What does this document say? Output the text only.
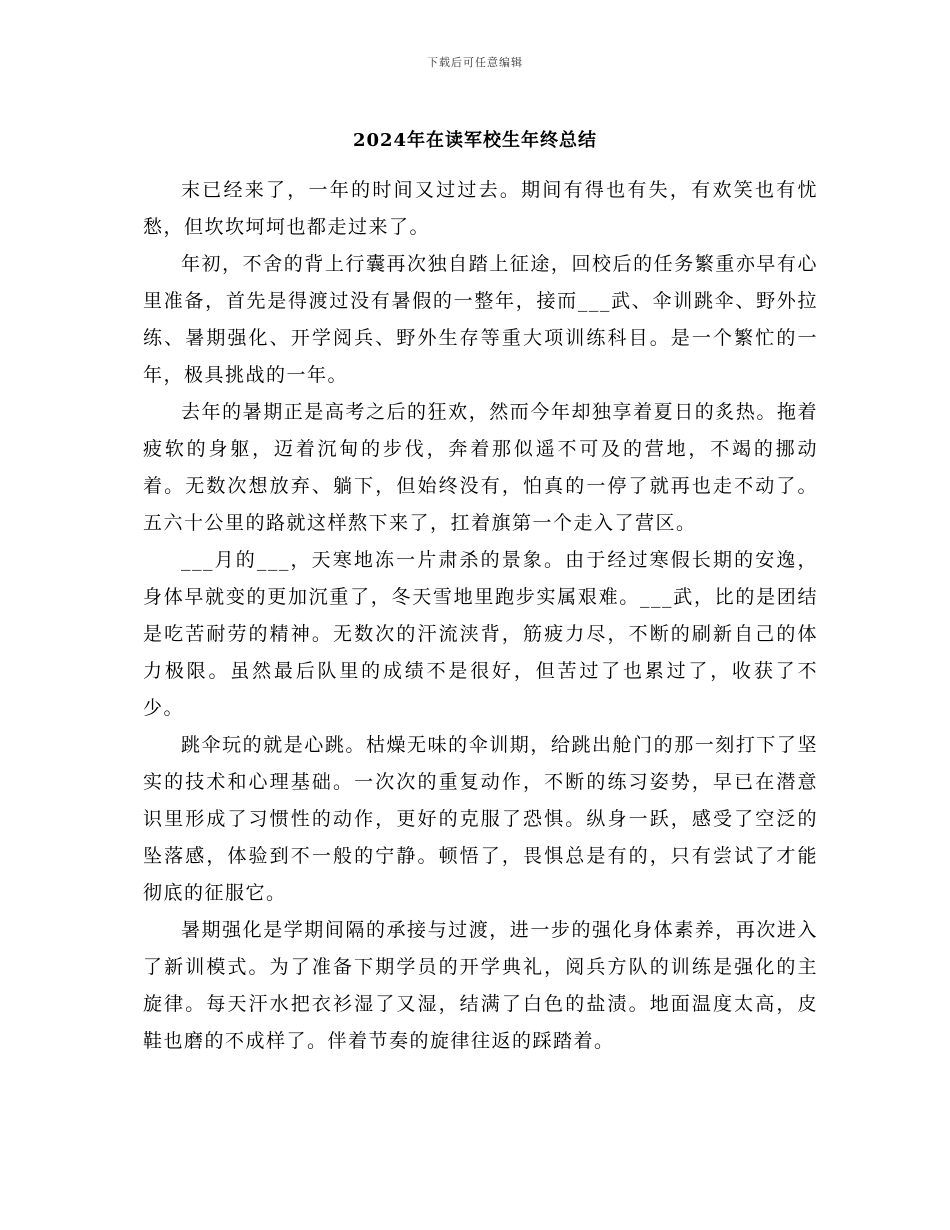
下载后可任意编辑
2024年在读军校生年终总结

末已经来了，一年的时间又过过去。期间有得也有失，有欢笑也有忧愁，但坎坎坷坷也都走过来了。

年初，不舍的背上行囊再次独自踏上征途，回校后的任务繁重亦早有心里准备，首先是得渡过没有暑假的一整年，接而___武、伞训跳伞、野外拉练、暑期强化、开学阅兵、野外生存等重大项训练科目。是一个繁忙的一年，极具挑战的一年。

去年的暑期正是高考之后的狂欢，然而今年却独享着夏日的炙热。拖着疲软的身躯，迈着沉甸的步伐，奔着那似遥不可及的营地，不竭的挪动着。无数次想放弃、躺下，但始终没有，怕真的一停了就再也走不动了。五六十公里的路就这样熬下来了，扛着旗第一个走入了营区。

___月的___，天寒地冻一片肃杀的景象。由于经过寒假长期的安逸，身体早就变的更加沉重了，冬天雪地里跑步实属艰难。___武，比的是团结是吃苦耐劳的精神。无数次的汗流浃背，筋疲力尽，不断的刷新自己的体力极限。虽然最后队里的成绩不是很好，但苦过了也累过了，收获了不少。

跳伞玩的就是心跳。枯燥无味的伞训期，给跳出舱门的那一刻打下了坚实的技术和心理基础。一次次的重复动作，不断的练习姿势，早已在潜意识里形成了习惯性的动作，更好的克服了恐惧。纵身一跃，感受了空泛的坠落感，体验到不一般的宁静。顿悟了，畏惧总是有的，只有尝试了才能彻底的征服它。

暑期强化是学期间隔的承接与过渡，进一步的强化身体素养，再次进入了新训模式。为了准备下期学员的开学典礼，阅兵方队的训练是强化的主旋律。每天汗水把衣衫湿了又湿，结满了白色的盐渍。地面温度太高，皮鞋也磨的不成样了。伴着节奏的旋律往返的踩踏着。
